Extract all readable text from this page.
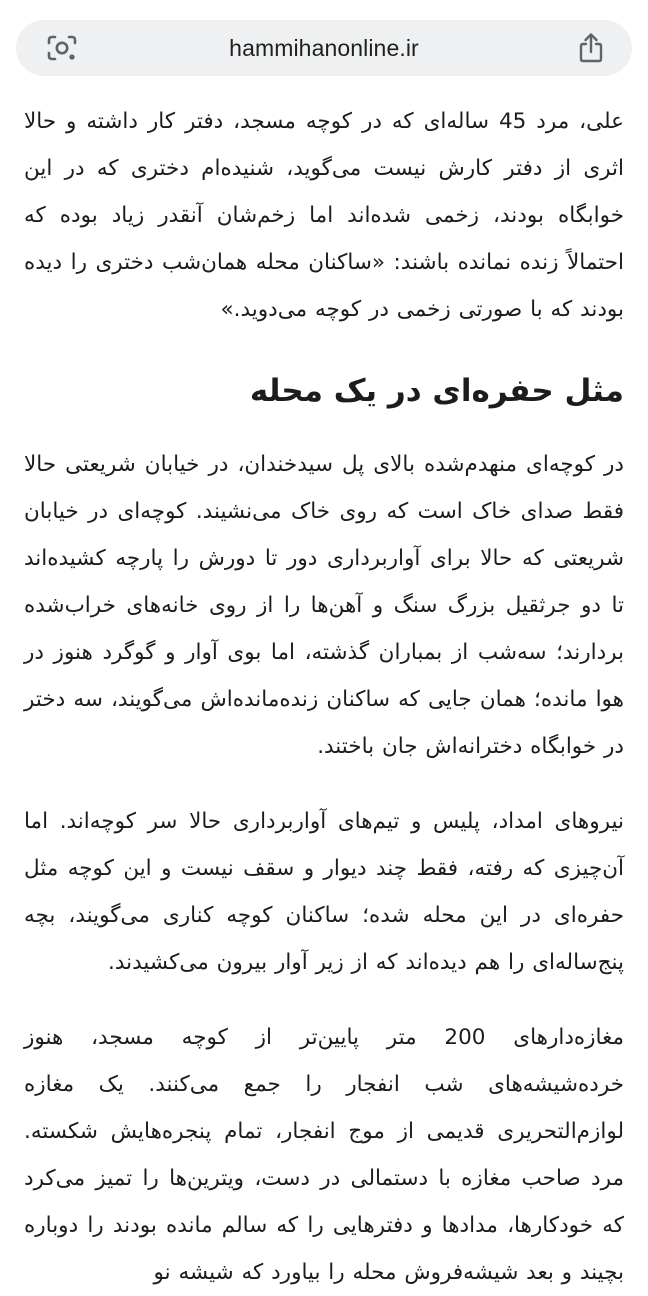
hammihanonline.ir

علی، مرد 45 ساله‌ای که در کوچه مسجد، دفتر کار داشته و حالا اثری از دفتر کارش نیست می‌گوید، شنیده‌ام دختری که در این خوابگاه بودند، زخمی شده‌اند اما زخم‌شان آنقدر زیاد بوده که احتمالاً زنده نمانده باشند: «ساکنان محله همان‌شب دختری را دیده بودند که با صورتی زخمی در کوچه می‌دوید.»

مثل حفره‌ای در یک محله

در کوچه‌ای منهدم‌شده بالای پل سیدخندان، در خیابان شریعتی حالا فقط صدای خاک است که روی خاک می‌نشیند. کوچه‌ای در خیابان شریعتی که حالا برای آواربرداری دور تا دورش را پارچه کشیده‌اند تا دو جرثقیل بزرگ سنگ و آهن‌ها را از روی خانه‌های خراب‌شده بردارند؛ سه‌شب از بمباران گذشته، اما بوی آوار و گوگرد هنوز در هوا مانده؛ همان جایی که ساکنان زنده‌مانده‌اش می‌گویند، سه دختر در خوابگاه دخترانه‌اش جان باختند.

نیروهای امداد، پلیس و تیم‌های آواربرداری حالا سر کوچه‌اند. اما آن‌چیزی که رفته، فقط چند دیوار و سقف نیست و این کوچه مثل حفره‌ای در این محله شده؛ ساکنان کوچه کناری می‌گویند، بچه پنج‌ساله‌ای را هم دیده‌اند که از زیر آوار بیرون می‌کشیدند.

مغازه‌دارهای 200 متر پایین‌تر از کوچه مسجد، هنوز خرده‌شیشه‌های شب انفجار را جمع می‌کنند. یک مغازه لوازم‌التحریری قدیمی از موج انفجار، تمام پنجره‌هایش شکسته. مرد صاحب مغازه با دستمالی در دست، ویترین‌ها را تمیز می‌کرد که خودکارها، مدادها و دفترهایی را که سالم مانده بودند را دوباره بچیند و بعد شیشه‌فروش محله را بیاورد که شیشه نو
